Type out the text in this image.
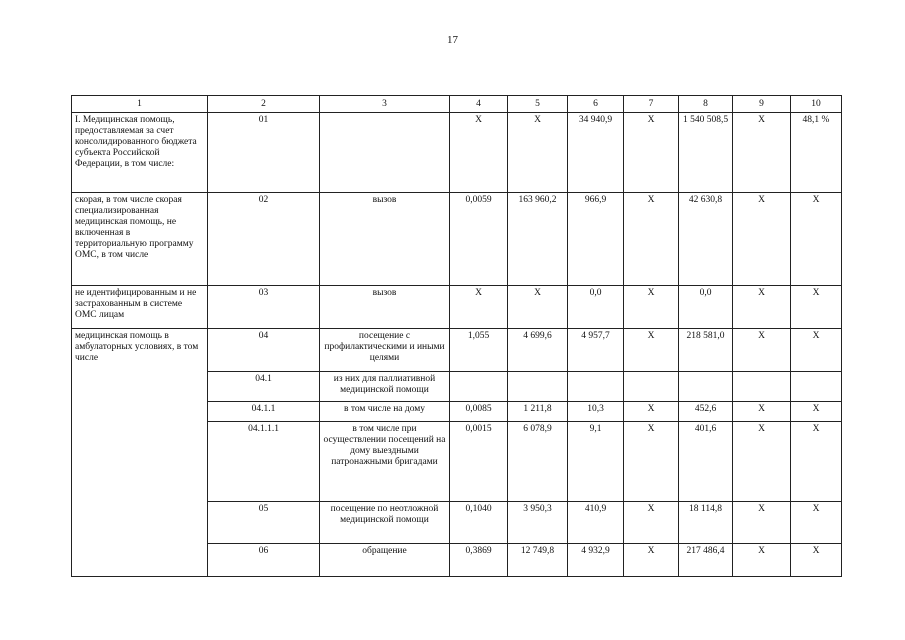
17
1	2	3	4	5	6	7	8	9	10
I. Медицинская помощь, предоставляемая за счет консолидированного бюджета субъекта Российской Федерации, в том числе:	01		Х	Х	34 940,9	Х	1 540 508,5	Х	48,1 %
скорая, в том числе скорая специализированная медицинская помощь, не включенная в территориальную программу ОМС, в том числе	02	вызов	0,0059	163 960,2	966,9	Х	42 630,8	Х	Х
не идентифицированным и не застрахованным в системе ОМС лицам	03	вызов	Х	Х	0,0	Х	0,0	Х	Х
медицинская помощь в амбулаторных условиях, в том числе	04	посещение с профилактическими и иными целями	1,055	4 699,6	4 957,7	Х	218 581,0	Х	Х
	04.1	из них для паллиативной медицинской помощи							
	04.1.1	в том числе на дому	0,0085	1 211,8	10,3	Х	452,6	Х	Х
	04.1.1.1	в том числе при осуществлении посещений на дому выездными патронажными бригадами	0,0015	6 078,9	9,1	Х	401,6	Х	Х
	05	посещение по неотложной медицинской помощи	0,1040	3 950,3	410,9	Х	18 114,8	Х	Х
	06	обращение	0,3869	12 749,8	4 932,9	Х	217 486,4	Х	Х
